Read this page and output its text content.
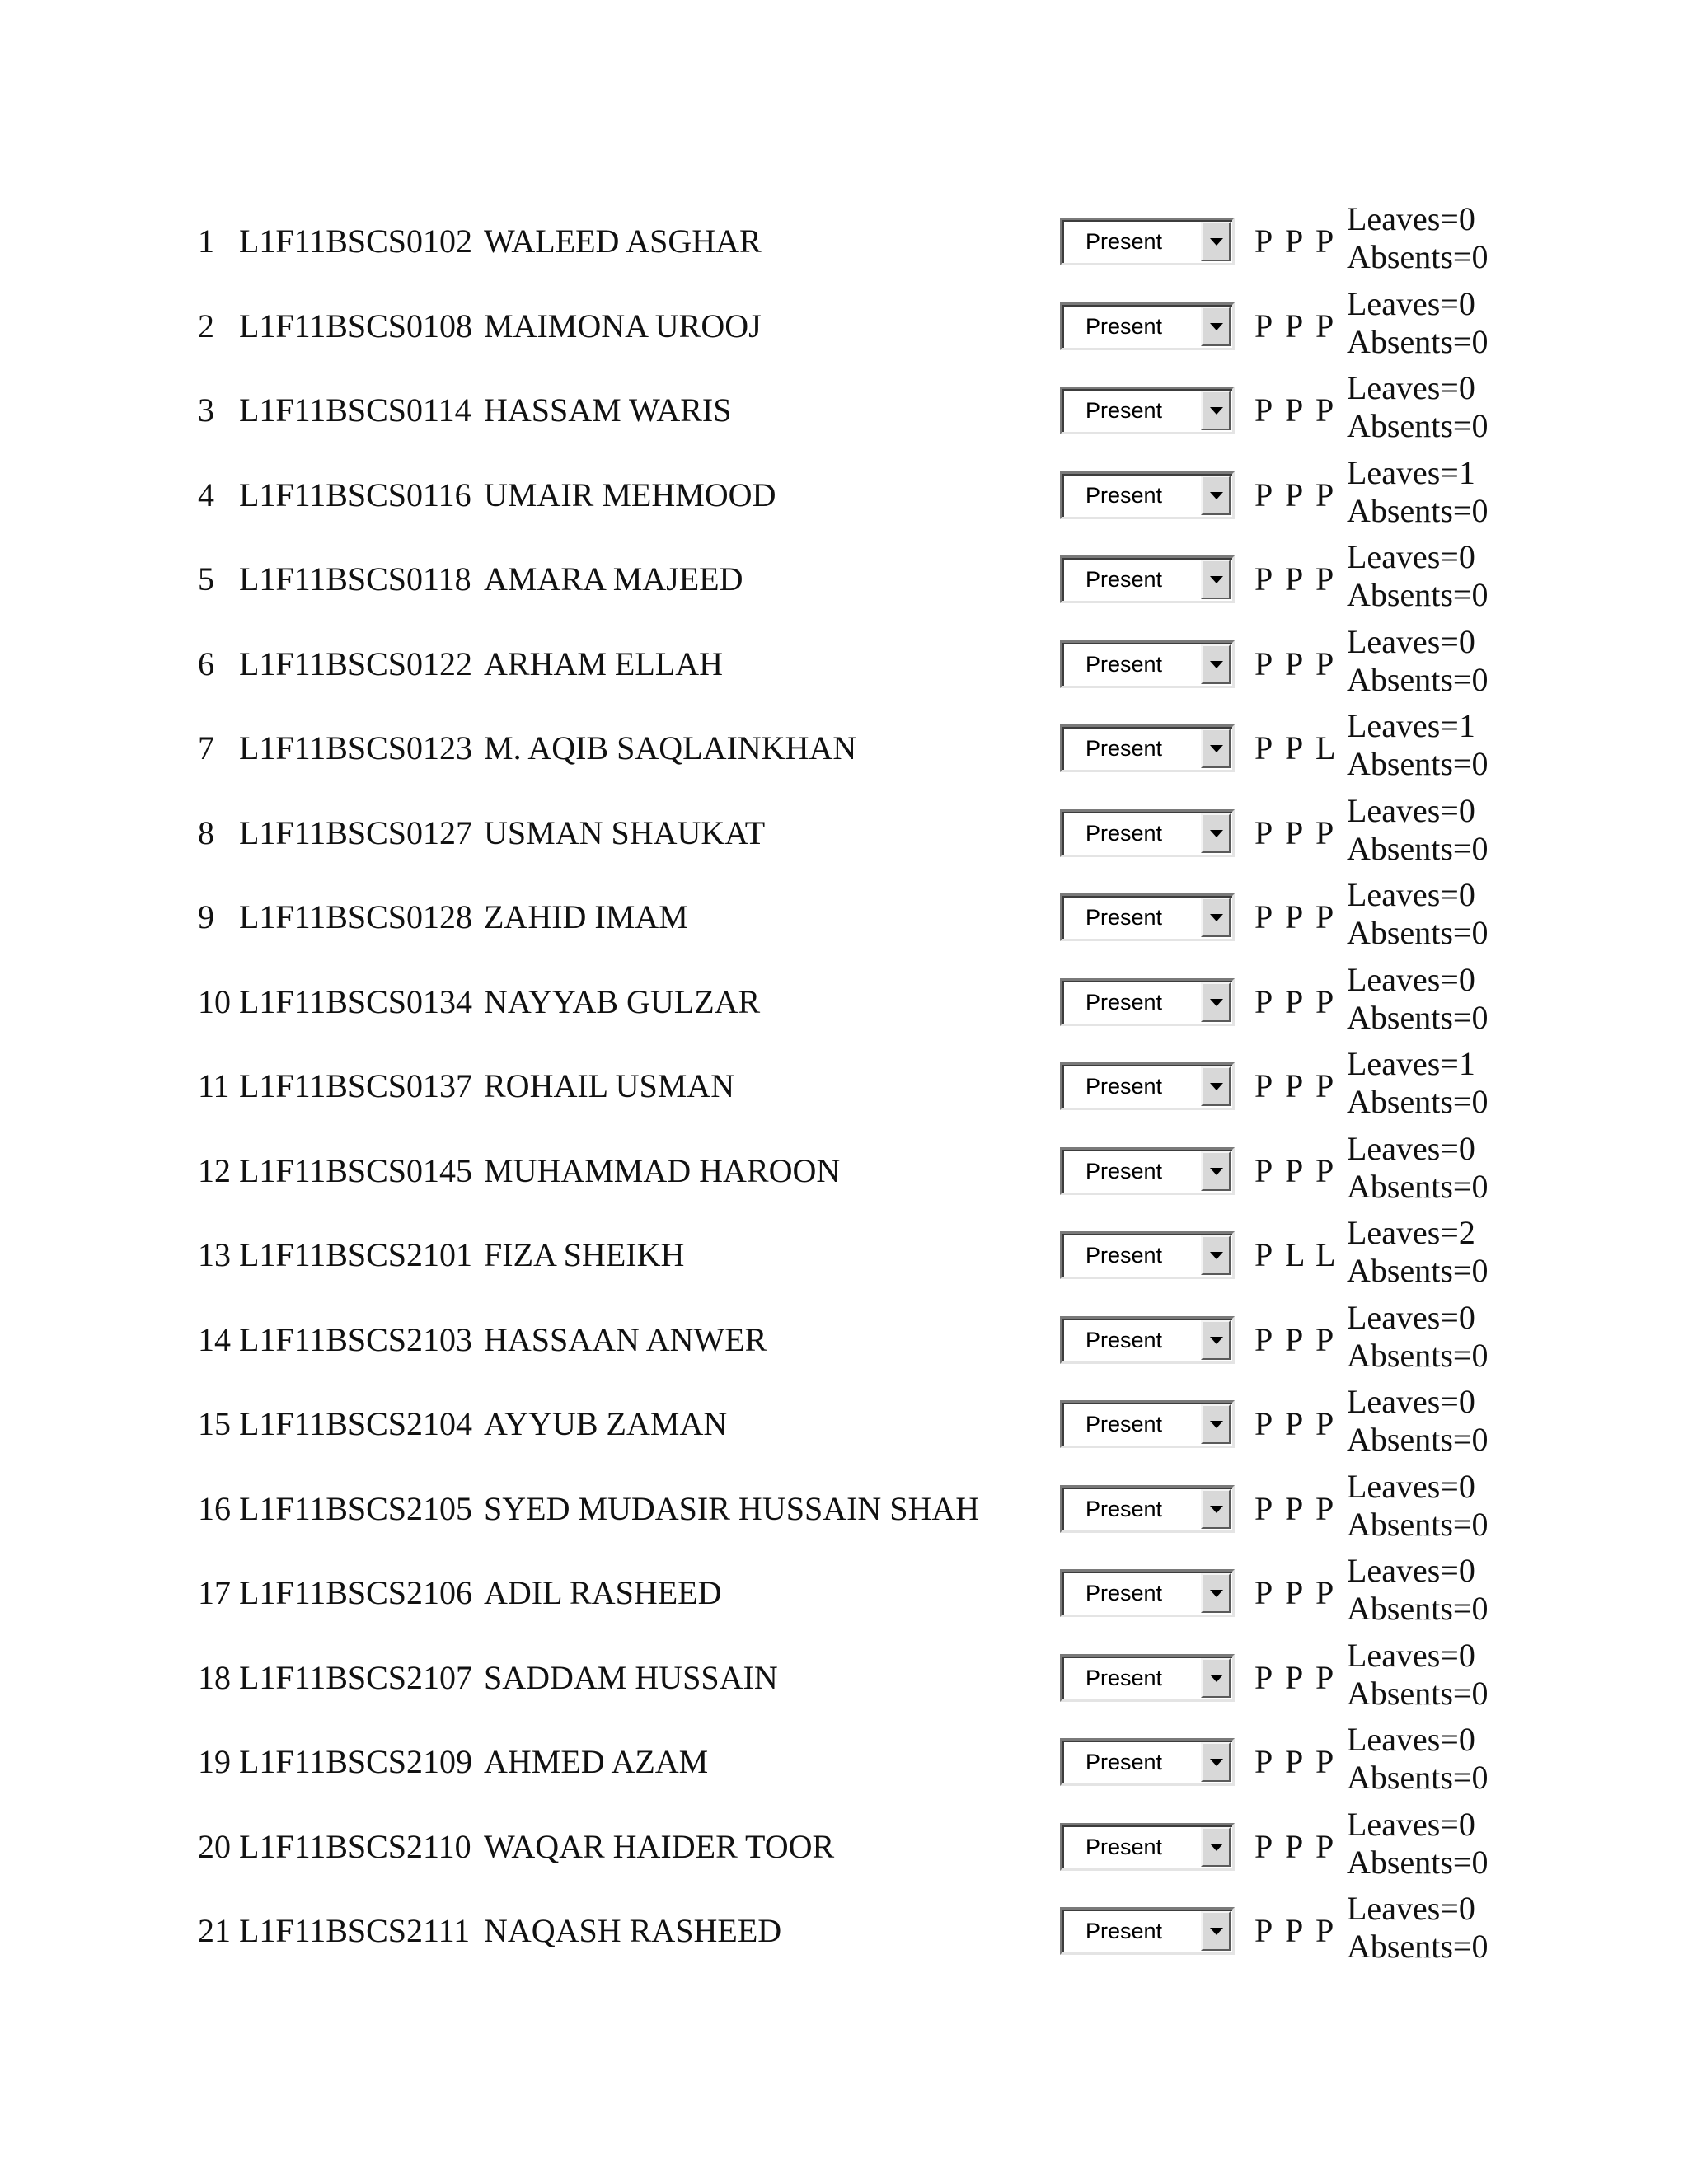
1 L1F11BSCS0102 WALEED ASGHAR	Present	P P P
Leaves=0
Absents=0
2 L1F11BSCS0108 MAIMONA UROOJ	Present	P P P
Leaves=0
Absents=0
3 L1F11BSCS0114 HASSAM WARIS	Present	P P P
Leaves=0
Absents=0
4 L1F11BSCS0116 UMAIR MEHMOOD	Present	P P P
Leaves=1
Absents=0
5 L1F11BSCS0118 AMARA MAJEED	Present	P P P
Leaves=0
Absents=0
6 L1F11BSCS0122 ARHAM ELLAH	Present	P P P
Leaves=0
Absents=0
7 L1F11BSCS0123 M. AQIB SAQLAINKHAN	Present	P P L
Leaves=1
Absents=0
8 L1F11BSCS0127 USMAN SHAUKAT	Present	P P P
Leaves=0
Absents=0
9 L1F11BSCS0128 ZAHID IMAM	Present	P P P
Leaves=0
Absents=0
10 L1F11BSCS0134 NAYYAB GULZAR	Present	P P P
Leaves=0
Absents=0
11 L1F11BSCS0137 ROHAIL USMAN	Present	P P P
Leaves=1
Absents=0
12 L1F11BSCS0145 MUHAMMAD HAROON	Present	P P P
Leaves=0
Absents=0
13 L1F11BSCS2101 FIZA SHEIKH	Present	P L L
Leaves=2
Absents=0
14 L1F11BSCS2103 HASSAAN ANWER	Present	P P P
Leaves=0
Absents=0
15 L1F11BSCS2104 AYYUB ZAMAN	Present	P P P
Leaves=0
Absents=0
16 L1F11BSCS2105 SYED MUDASIR HUSSAIN SHAH	Present	P P P
Leaves=0
Absents=0
17 L1F11BSCS2106 ADIL RASHEED	Present	P P P
Leaves=0
Absents=0
18 L1F11BSCS2107 SADDAM HUSSAIN	Present	P P P
Leaves=0
Absents=0
19 L1F11BSCS2109 AHMED AZAM	Present	P P P
Leaves=0
Absents=0
20 L1F11BSCS2110 WAQAR HAIDER TOOR	Present	P P P
Leaves=0
Absents=0
21 L1F11BSCS2111 NAQASH RASHEED	Present	P P P
Leaves=0
Absents=0
